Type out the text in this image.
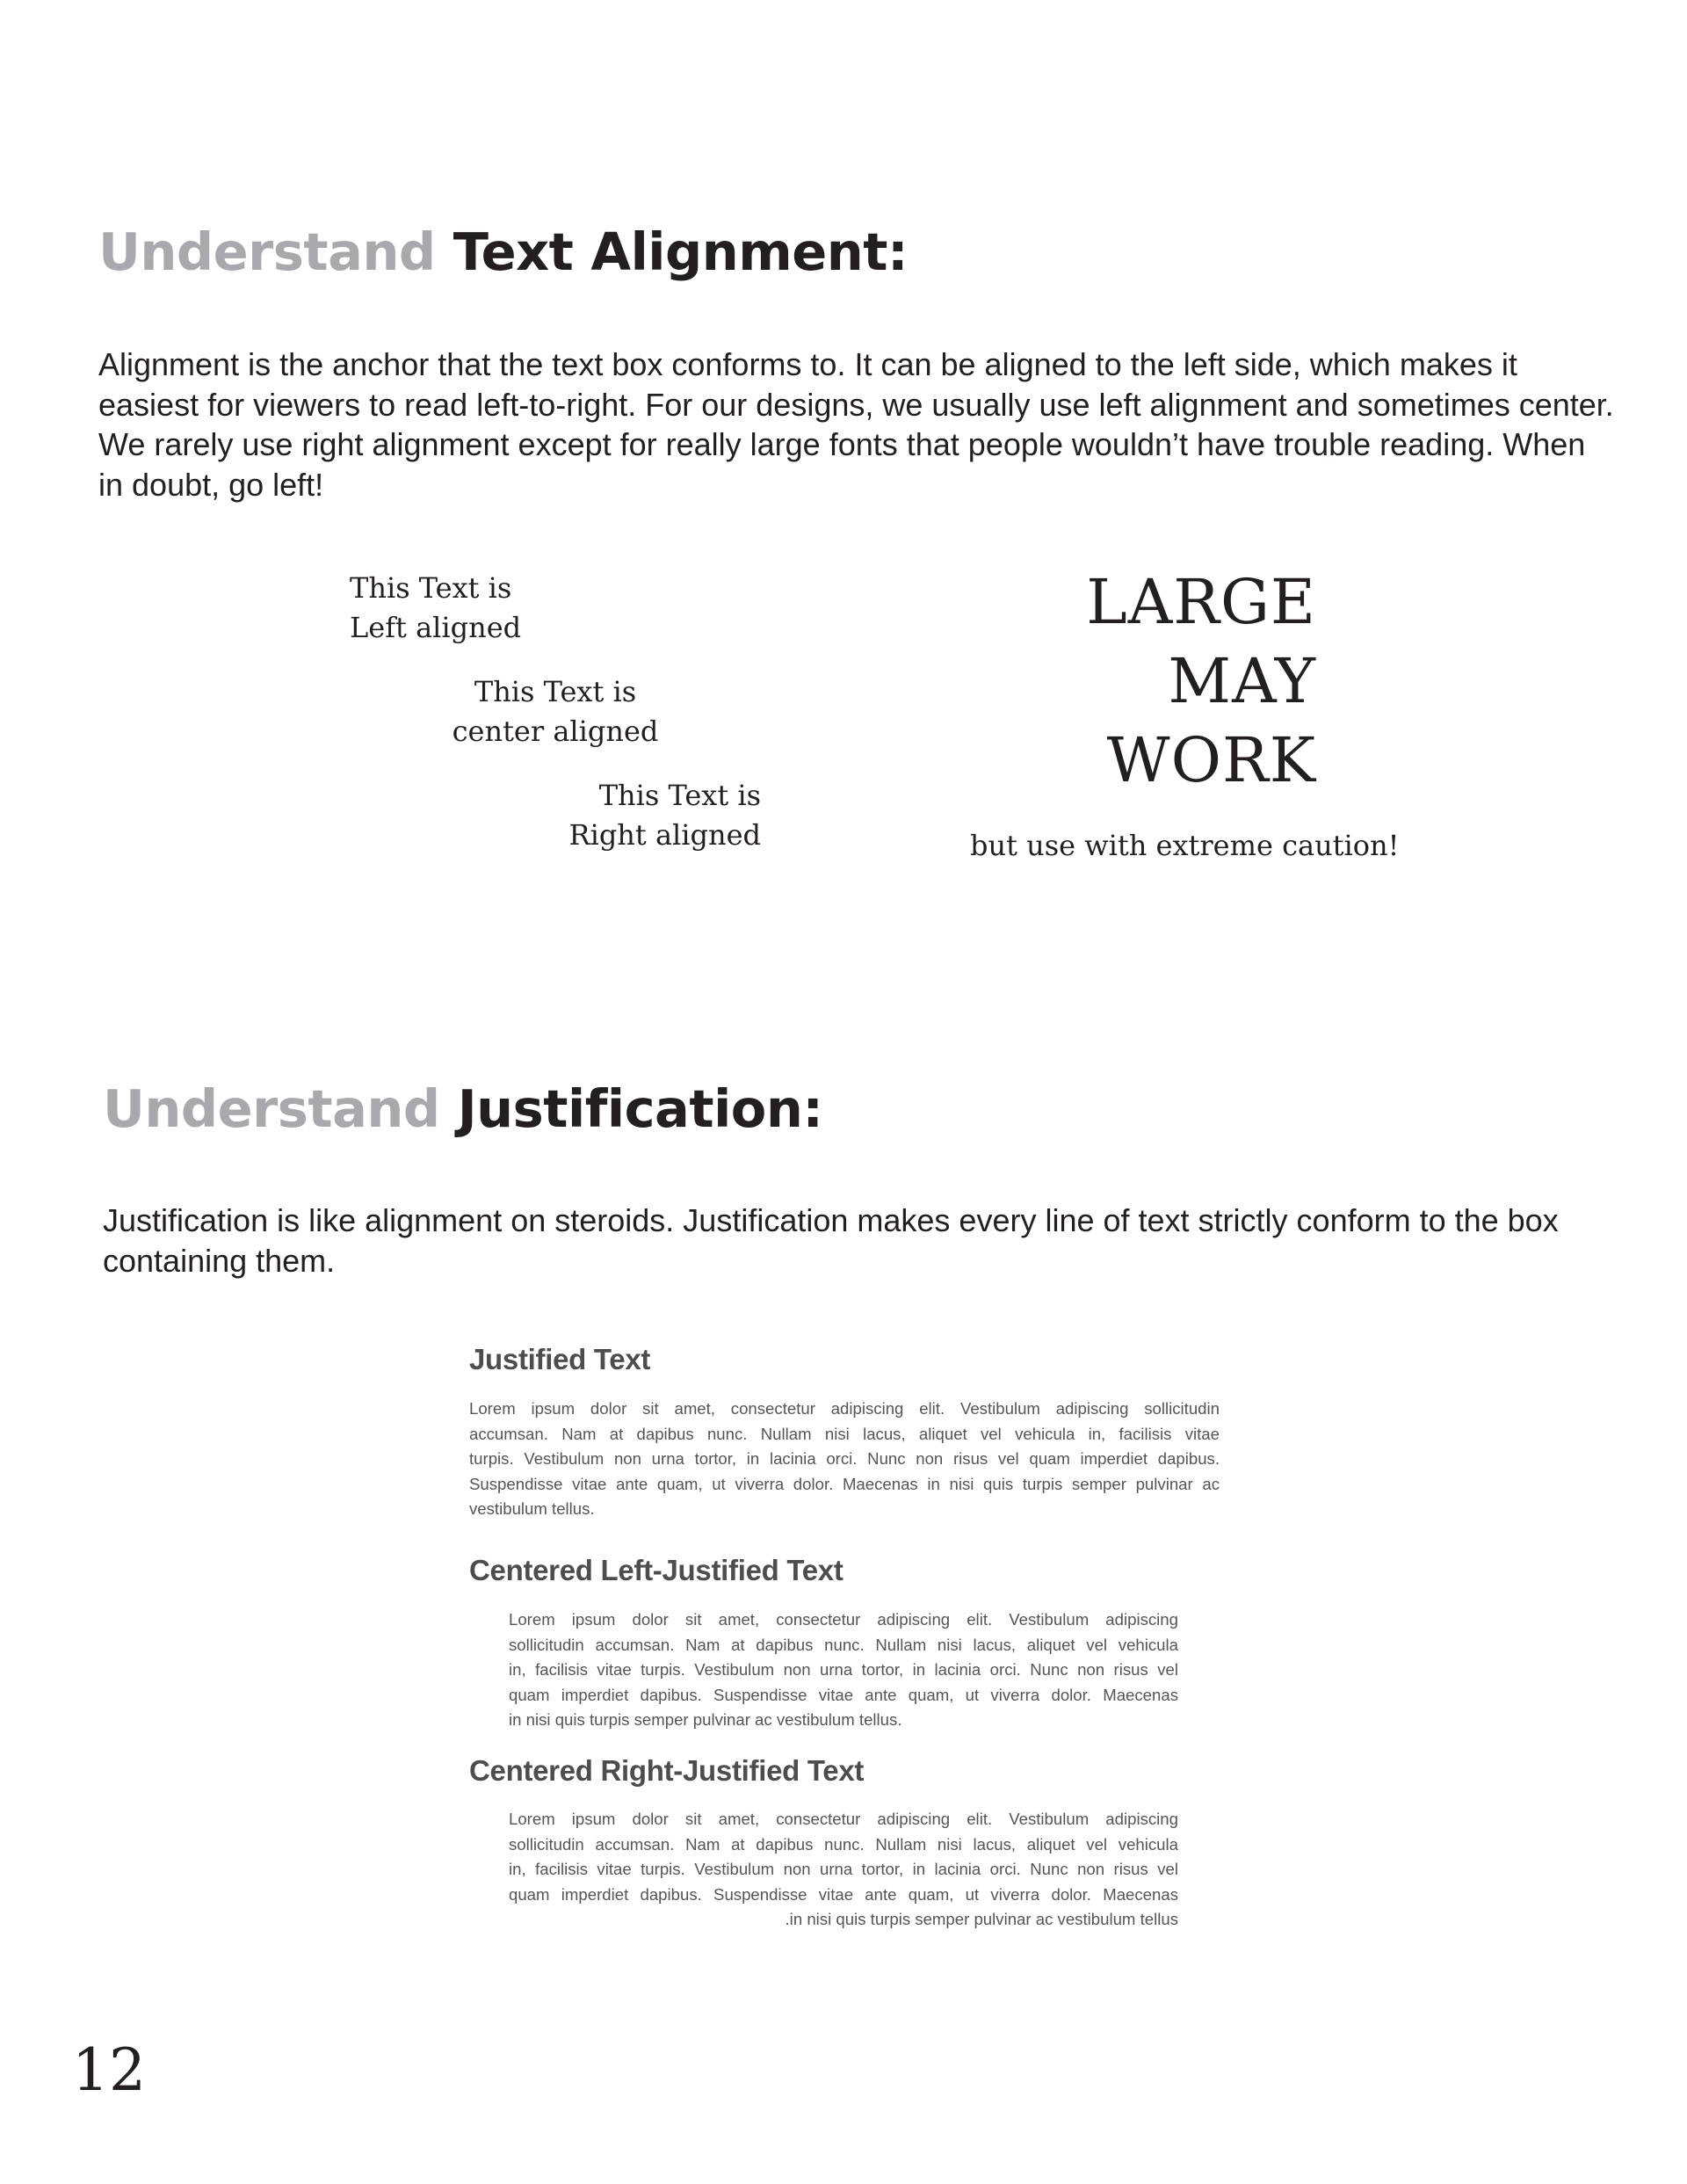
Understand Text Alignment:

Alignment is the anchor that the text box conforms to. It can be aligned to the left side, which makes it

easiest for viewers to read left-to-right. For our designs, we usually use left alignment and sometimes center.

We rarely use right alignment except for really large fonts that people wouldn’t have trouble reading. When

in doubt, go left!

This Text is

Left aligned

This Text is

center aligned

This Text is

Right aligned

LARGE

MAY

WORK

but use with extreme caution!
Understand Justification:

Justification is like alignment on steroids. Justification makes every line of text strictly conform to the box

containing them.

Justified Text
Lorem ipsum dolor sit amet, consectetur adipiscing elit. Vestibulum adipiscing sollicitudin
accumsan. Nam at dapibus nunc. Nullam nisi lacus, aliquet vel vehicula in, facilisis vitae
turpis. Vestibulum non urna tortor, in lacinia orci. Nunc non risus vel quam imperdiet dapibus.
Suspendisse vitae ante quam, ut viverra dolor. Maecenas in nisi quis turpis semper pulvinar ac
vestibulum tellus.
Centered Left-Justified Text
Lorem ipsum dolor sit amet, consectetur adipiscing elit. Vestibulum adipiscing
sollicitudin accumsan. Nam at dapibus nunc. Nullam nisi lacus, aliquet vel vehicula
in, facilisis vitae turpis. Vestibulum non urna tortor, in lacinia orci. Nunc non risus vel
quam imperdiet dapibus. Suspendisse vitae ante quam, ut viverra dolor. Maecenas
in nisi quis turpis semper pulvinar ac vestibulum tellus.
Centered Right-Justified Text
Lorem ipsum dolor sit amet, consectetur adipiscing elit. Vestibulum adipiscing
sollicitudin accumsan. Nam at dapibus nunc. Nullam nisi lacus, aliquet vel vehicula
in, facilisis vitae turpis. Vestibulum non urna tortor, in lacinia orci. Nunc non risus vel
quam imperdiet dapibus. Suspendisse vitae ante quam, ut viverra dolor. Maecenas
.in nisi quis turpis semper pulvinar ac vestibulum tellus
12
